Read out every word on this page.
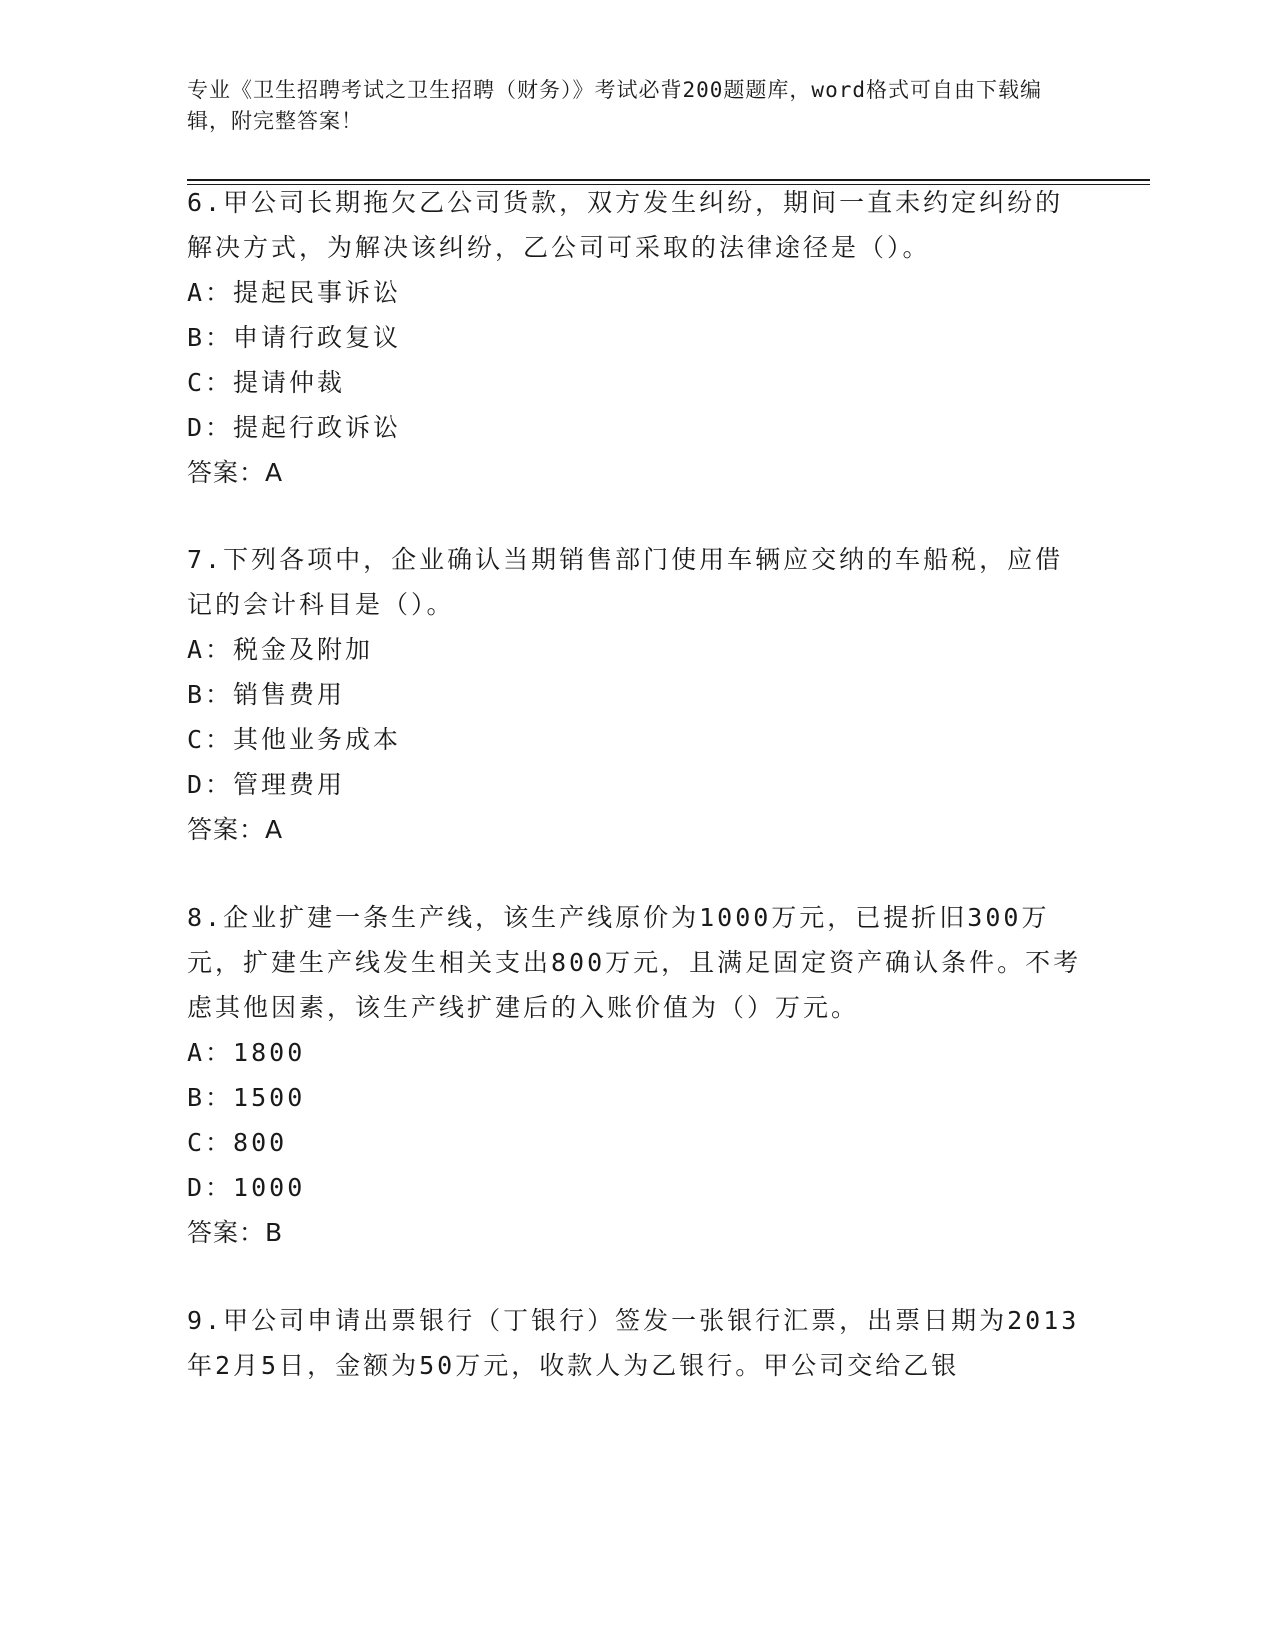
专业《卫生招聘考试之卫生招聘（财务）》考试必背200题题库，word格式可自由下载编辑，附完整答案！
6.甲公司长期拖欠乙公司货款，双方发生纠纷，期间一直未约定纠纷的解决方式，为解决该纠纷，乙公司可采取的法律途径是（）。
A：提起民事诉讼
B：申请行政复议
C：提请仲裁
D：提起行政诉讼
答案：A
7.下列各项中，企业确认当期销售部门使用车辆应交纳的车船税，应借记的会计科目是（）。
A：税金及附加
B：销售费用
C：其他业务成本
D：管理费用
答案：A
8.企业扩建一条生产线，该生产线原价为1000万元，已提折旧300万元，扩建生产线发生相关支出800万元，且满足固定资产确认条件。不考虑其他因素，该生产线扩建后的入账价值为（）万元。
A：1800
B：1500
C：800
D：1000
答案：B
9.甲公司申请出票银行（丁银行）签发一张银行汇票，出票日期为2013年2月5日，金额为50万元，收款人为乙银行。甲公司交给乙银
